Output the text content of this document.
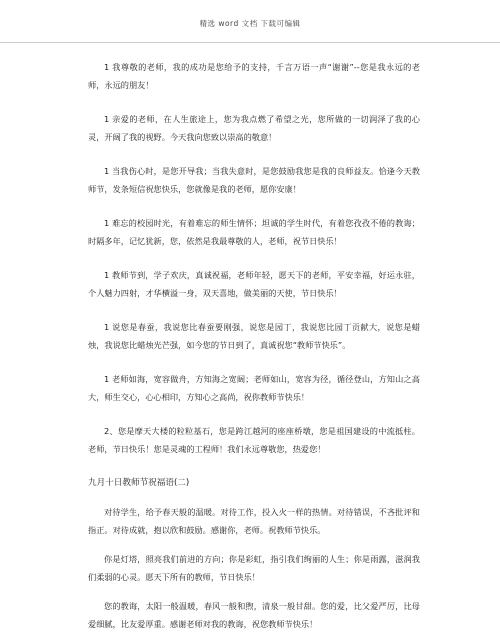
精选 word 文档 下载可编辑

1 我尊敬的老师，我的成功是您给予的支持，千言万语一声“谢谢”--您是我永远的老师，永远的朋友！

1 亲爱的老师，在人生旅途上，您为我点燃了希望之光，您所做的一切润泽了我的心灵，开阔了我的视野。今天我向您致以崇高的敬意！

1 当我伤心时，是您开导我；当我失意时，是您鼓励我您是我的良师益友。恰逢今天教师节，发条短信祝您快乐，您就像是我的老师，愿你安康！

1 难忘的校园时光，有着难忘的师生情怀；坦诚的学生时代，有着您孜孜不倦的教诲；时隔多年，记忆犹新，您，依然是我最尊敬的人，老师，祝节日快乐！

1 教师节到，学子欢庆，真诚祝福，老师年轻，愿天下的老师，平安幸福，好运永驻，个人魅力四射，才华横溢一身，双天喜地，做美丽的天使，节日快乐！

1 说您是春蚕，我说您比春蚕要刚强，说您是园丁，我说您比园丁贡献大，说您是蜡烛，我说您比蜡烛光芒强，如今您的节日到了，真诚祝您“教师节快乐”。

1 老师如海，宽容做舟，方知海之宽阔；老师如山，宽容为径，循径登山，方知山之高大，师生交心，心心相印，方知心之高尚，祝你教师节快乐！

2、您是摩天大楼的粒粒基石，您是跨江越河的座座桥墩，您是祖国建设的中流抵柱。老师，节日快乐！您是灵魂的工程师！我们永远尊敬您，热爱您！

九月十日教师节祝福语(二)

对待学生，给予春天般的温暖。对待工作，投入火一样的热情。对待错误，不吝批评和指正。对待成就，抱以欣和鼓励。感谢你，老师。祝教师节快乐。

你是灯塔，照亮我们前进的方向；你是彩虹，指引我们绚丽的人生；你是雨露，滋润我们柔弱的心灵。愿天下所有的教师，节日快乐！

您的教诲，太阳一般温暖，春风一般和煦，清泉一般甘甜。您的爱，比父爱严厉，比母爱细腻，比友爱厚重。感谢老师对我的教诲，祝您教师节快乐！
